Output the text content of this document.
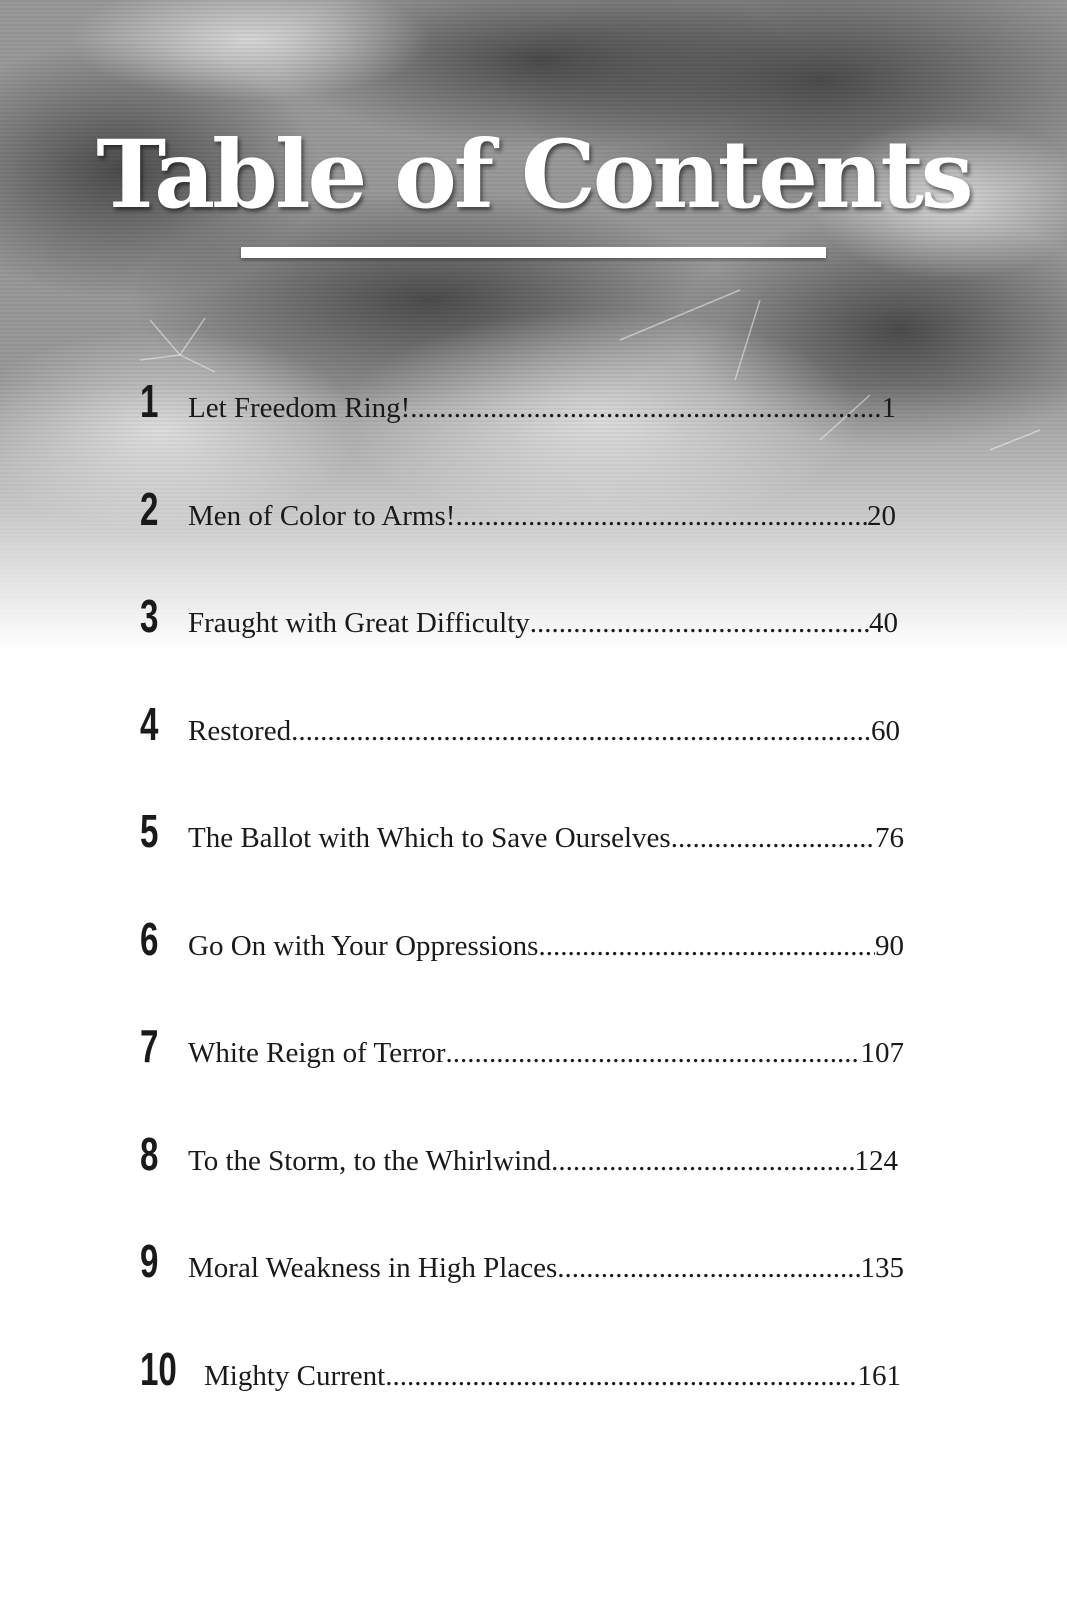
Table of Contents
1	Let Freedom Ring! .....	1
2	Men of Color to Arms! .....	20
3	Fraught with Great Difficulty .....	40
4	Restored .....	60
5	The Ballot with Which to Save Ourselves .....	76
6	Go On with Your Oppressions .....	90
7	White Reign of Terror .....	107
8	To the Storm, to the Whirlwind .....	124
9	Moral Weakness in High Places .....	135
10 Mighty Current .....	161
